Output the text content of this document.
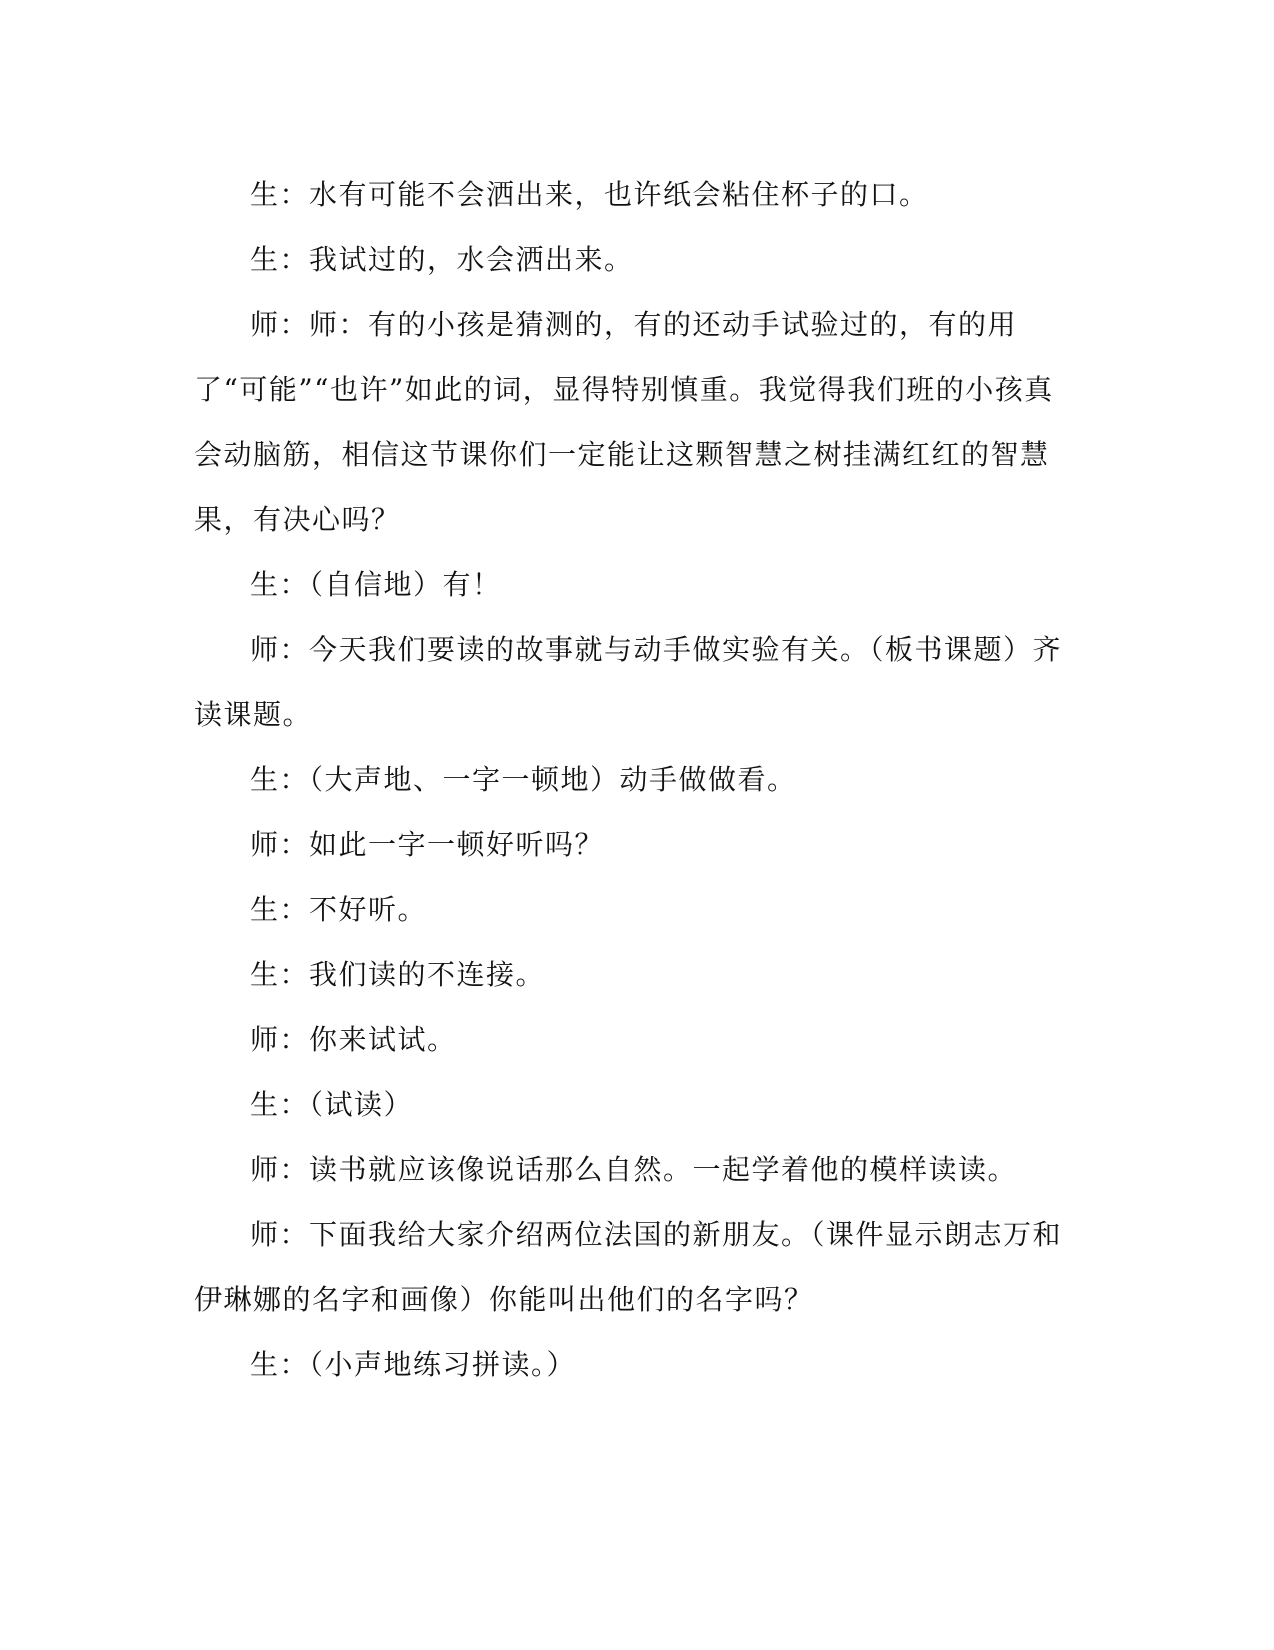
生：水有可能不会洒出来，也许纸会粘住杯子的口。

生：我试过的，水会洒出来。

师：师：有的小孩是猜测的，有的还动手试验过的，有的用了“可能”“也许”如此的词，显得特别慎重。我觉得我们班的小孩真会动脑筋，相信这节课你们一定能让这颗智慧之树挂满红红的智慧果，有决心吗？

生：（自信地）有！

师：今天我们要读的故事就与动手做实验有关。（板书课题）齐读课题。

生：（大声地、一字一顿地）动手做做看。

师：如此一字一顿好听吗？

生：不好听。

生：我们读的不连接。

师：你来试试。

生：（试读）

师：读书就应该像说话那么自然。一起学着他的模样读读。

师：下面我给大家介绍两位法国的新朋友。（课件显示朗志万和伊琳娜的名字和画像）你能叫出他们的名字吗？

生：（小声地练习拼读。）
